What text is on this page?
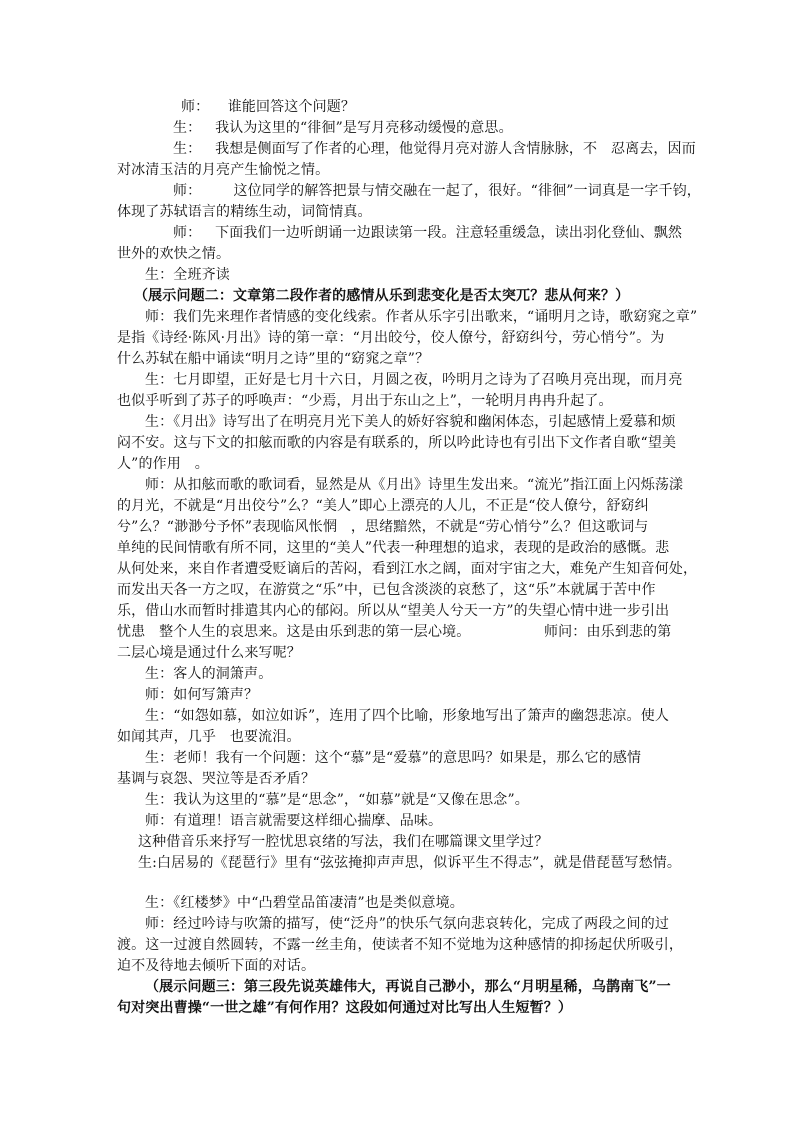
师：    谁能回答这个问题？
生：   我认为这里的“徘徊”是写月亮移动缓慢的意思。
生：   我想是侧面写了作者的心理，他觉得月亮对游人含情脉脉，不   忍离去，因而
对冰清玉洁的月亮产生愉悦之情。
师：       这位同学的解答把景与情交融在一起了，很好。“徘徊”一词真是一字千钧，
体现了苏轼语言的精练生动，词简情真。
师：   下面我们一边听朗诵一边跟读第一段。注意轻重缓急，读出羽化登仙、飘然
世外的欢快之情。
生：全班齐读
（展示问题二：文章第二段作者的感情从乐到悲变化是否太突兀？悲从何来？）
师：我们先来理作者情感的变化线索。作者从乐字引出歌来，“诵明月之诗，歌窈窕之章”
是指《诗经·陈风·月出》诗的第一章：“月出皎兮，佼人僚兮，舒窈纠兮，劳心悄兮”。为
什么苏轼在船中诵读“明月之诗”里的“窈窕之章”？
生：七月即望，正好是七月十六日，月圆之夜，吟明月之诗为了召唤月亮出现，而月亮
也似乎听到了苏子的呼唤声：“少焉，月出于东山之上”，一轮明月冉冉升起了。
生：《月出》诗写出了在明亮月光下美人的娇好容貌和幽闲体态，引起感情上爱慕和烦
闷不安。这与下文的扣舷而歌的内容是有联系的，所以吟此诗也有引出下文作者自歌“望美
人”的作用   。
师：从扣舷而歌的歌词看，显然是从《月出》诗里生发出来。“流光”指江面上闪烁荡漾
的月光，不就是“月出佼兮”么？“美人”即心上漂亮的人儿，不正是“佼人僚兮，舒窈纠
兮”么？“渺渺兮予怀”表现临风怅惘   ，思绪黯然，不就是“劳心悄兮”么？但这歌词与
单纯的民间情歌有所不同，这里的“美人”代表一种理想的追求，表现的是政治的感慨。悲
从何处来，来自作者遭受贬谪后的苦闷，看到江水之阔，面对宇宙之大，难免产生知音何处，
而发出天各一方之叹，在游赏之“乐”中，已包含淡淡的哀愁了，这“乐”本就属于苦中作
乐，借山水而暂时排遣其内心的郁闷。所以从“望美人兮天一方”的失望心情中进一步引出
忧患   整个人生的哀思来。这是由乐到悲的第一层心境。                师问：由乐到悲的第
二层心境是通过什么来写呢？
生：客人的洞箫声。
师：如何写箫声？
生：“如怨如慕，如泣如诉”，连用了四个比喻，形象地写出了箫声的幽怨悲凉。使人
如闻其声，几乎   也要流泪。
生：老师！我有一个问题：这个“慕”是“爱慕”的意思吗？如果是，那么它的感情
基调与哀怨、哭泣等是否矛盾？
生：我认为这里的“慕”是“思念”，“如慕”就是“又像在思念”。
师：有道理！语言就需要这样细心揣摩、品味。
这种借音乐来抒写一腔忧思哀绪的写法，我们在哪篇课文里学过？
生:白居易的《琵琶行》里有“弦弦掩抑声声思，似诉平生不得志”，就是借琵琶写愁情。
生：《红楼梦》中“凸碧堂品笛凄清”也是类似意境。
师：经过吟诗与吹箫的描写，使“泛舟”的快乐气氛向悲哀转化，完成了两段之间的过
渡。这一过渡自然圆转，不露一丝圭角，使读者不知不觉地为这种感情的抑扬起伏所吸引，
迫不及待地去倾听下面的对话。
（展示问题三：第三段先说英雄伟大，再说自己渺小，那么“月明星稀，乌鹊南飞”一
句对突出曹操“一世之雄”有何作用？这段如何通过对比写出人生短暂？）
